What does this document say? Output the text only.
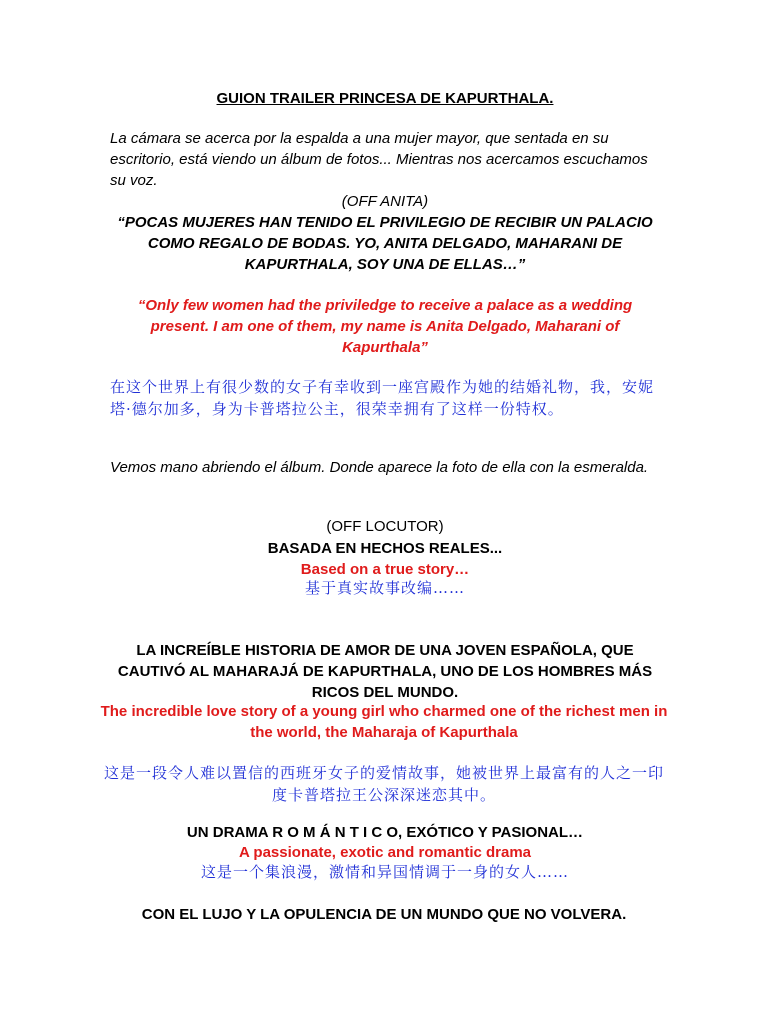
GUION TRAILER PRINCESA DE KAPURTHALA.
La cámara se acerca por la espalda a una mujer mayor, que sentada en su escritorio, está viendo un álbum de fotos... Mientras nos acercamos escuchamos su voz.
(OFF ANITA)
“POCAS MUJERES HAN TENIDO EL PRIVILEGIO DE RECIBIR UN PALACIO COMO REGALO DE BODAS. YO, ANITA DELGADO, MAHARANI DE KAPURTHALA, SOY UNA DE ELLAS…”
“Only few women had the priviledge to receive a palace as a wedding present. I am one of them, my name is Anita Delgado, Maharani of Kapurthala”
在这个世界上有很少数的女子有幸收到一座宫殿作为她的结婚礼物，我，安妮塔·德尔加多，身为卡普塔拉公主，很荣幸拥有了这样一份特权。
Vemos mano abriendo el álbum. Donde aparece la foto de ella con la esmeralda.
(OFF LOCUTOR)
BASADA EN HECHOS REALES...
Based on a true story…
基于真实故事改编……
LA INCREÍBLE HISTORIA DE AMOR DE UNA JOVEN ESPAÑOLA, QUE CAUTIVÓ AL MAHARAJÁ DE KAPURTHALA, UNO DE LOS HOMBRES MÁS RICOS DEL MUNDO.
The incredible love story of a young girl who charmed one of the richest men in the world, the Maharaja of Kapurthala
这是一段令人难以置信的西班牙女子的爱情故事，她被世界上最富有的人之一印度卡普塔拉王公深深迷恋其中。
UN DRAMA R O M Á N T I C O, EXÓTICO Y PASIONAL…
A passionate, exotic and romantic drama
这是一个集浪漫，激情和异国情调于一身的女人……
CON EL LUJO Y LA OPULENCIA DE UN MUNDO QUE NO VOLVERA.
